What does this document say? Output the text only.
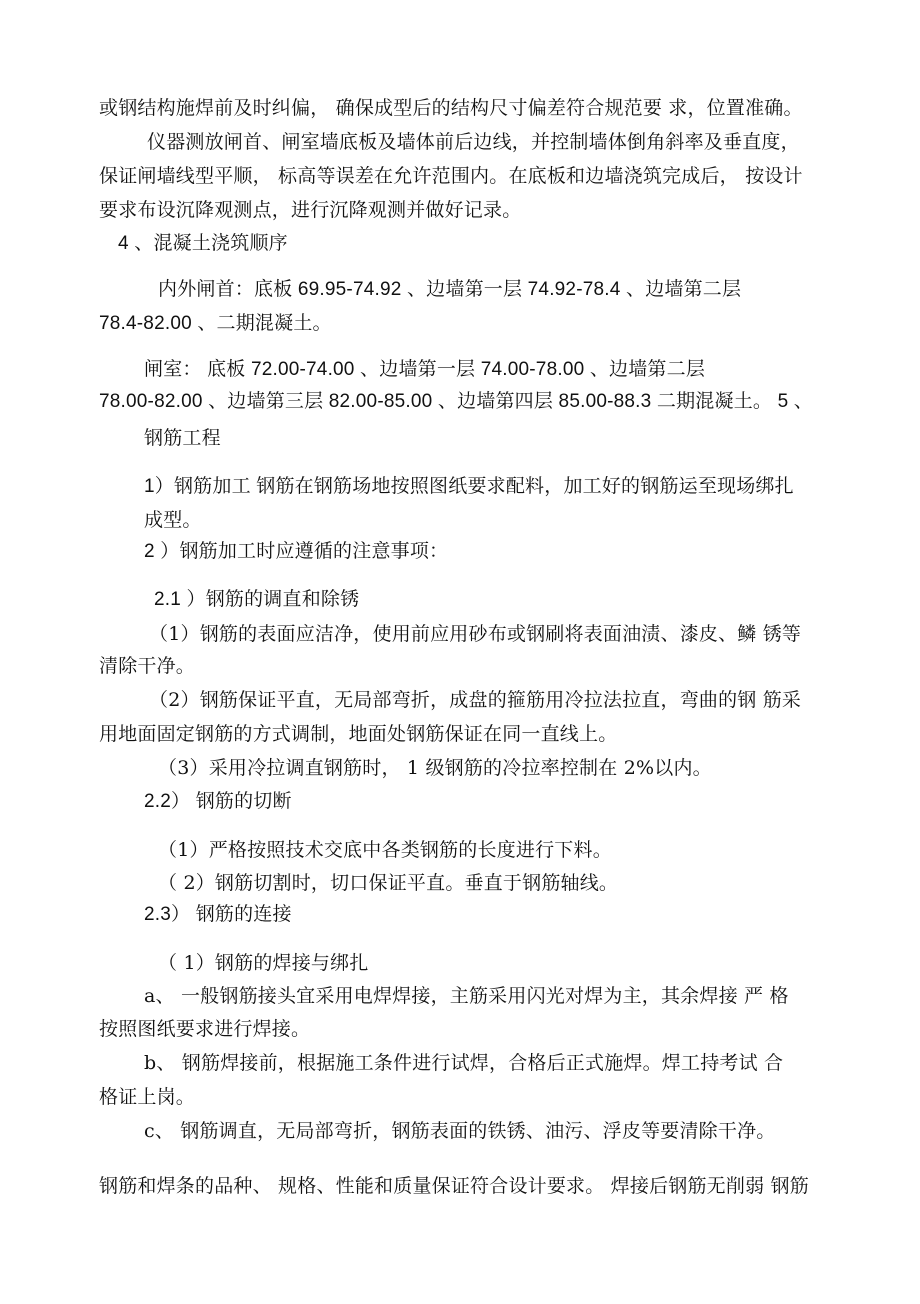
或钢结构施焊前及时纠偏， 确保成型后的结构尺寸偏差符合规范要 求，位置准确。
仪器测放闸首、闸室墙底板及墙体前后边线，并控制墙体倒角斜率及垂直度，
保证闸墙线型平顺， 标高等误差在允许范围内。在底板和边墙浇筑完成后， 按设计
要求布设沉降观测点，进行沉降观测并做好记录。
4 、混凝土浇筑顺序
内外闸首：底板 69.95-74.92 、边墙第一层 74.92-78.4 、边墙第二层
78.4-82.00 、二期混凝土。
闸室： 底板 72.00-74.00 、边墙第一层 74.00-78.00 、边墙第二层
78.00-82.00 、边墙第三层 82.00-85.00 、边墙第四层 85.00-88.3 二期混凝土。 5 、
钢筋工程
1）钢筋加工 钢筋在钢筋场地按照图纸要求配料，加工好的钢筋运至现场绑扎
成型。
2 ）钢筋加工时应遵循的注意事项：
2.1 ）钢筋的调直和除锈
（1）钢筋的表面应洁净，使用前应用砂布或钢刷将表面油渍、漆皮、鳞 锈等
清除干净。
（2）钢筋保证平直，无局部弯折，成盘的箍筋用冷拉法拉直，弯曲的钢 筋采
用地面固定钢筋的方式调制，地面处钢筋保证在同一直线上。
（3）采用冷拉调直钢筋时， 1 级钢筋的冷拉率控制在 2%以内。
2.2） 钢筋的切断
（1）严格按照技术交底中各类钢筋的长度进行下料。
（ 2）钢筋切割时，切口保证平直。垂直于钢筋轴线。
2.3） 钢筋的连接
（ 1）钢筋的焊接与绑扎
a、 一般钢筋接头宜采用电焊焊接，主筋采用闪光对焊为主，其余焊接 严 格
按照图纸要求进行焊接。
b、 钢筋焊接前，根据施工条件进行试焊，合格后正式施焊。焊工持考试 合
格证上岗。
c、 钢筋调直，无局部弯折，钢筋表面的铁锈、油污、浮皮等要清除干净。
钢筋和焊条的品种、 规格、性能和质量保证符合设计要求。 焊接后钢筋无削弱 钢筋
